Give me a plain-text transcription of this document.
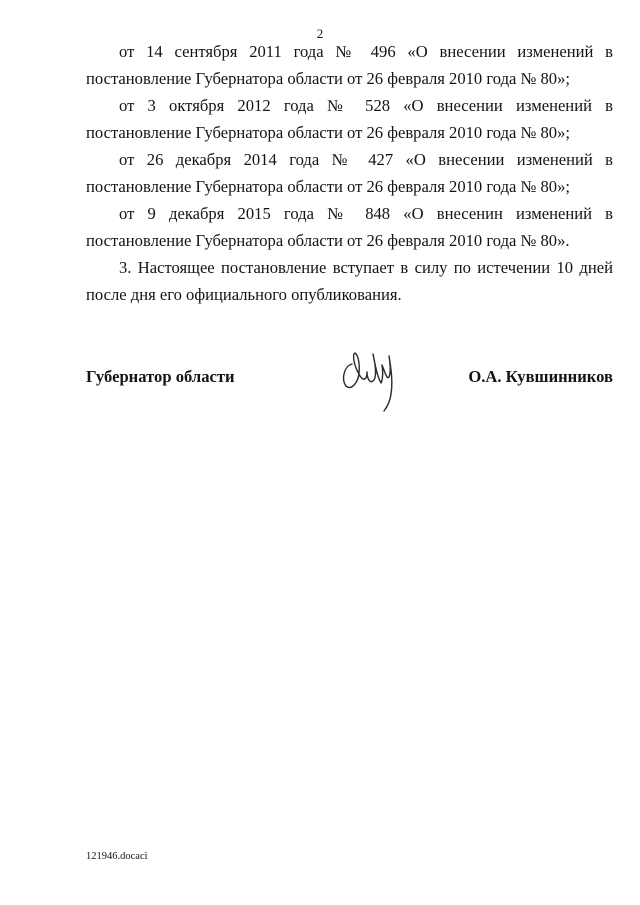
2

от 14 сентября 2011 года № 496 «О внесении изменений в постановление Губернатора области от 26 февраля 2010 года № 80»;

от 3 октября 2012 года № 528 «О внесении изменений в постановление Губернатора области от 26 февраля 2010 года № 80»;

от 26 декабря 2014 года № 427 «О внесении изменений в постановление Губернатора области от 26 февраля 2010 года № 80»;

от 9 декабря 2015 года № 848 «О внесенин изменений в постановление Губернатора области от 26 февраля 2010 года № 80».

3. Настоящее постановление вступает в силу по истечении 10 дней после дня его официального опубликования.

Губернатор области	О.А. Кувшинников
121946.docaci
